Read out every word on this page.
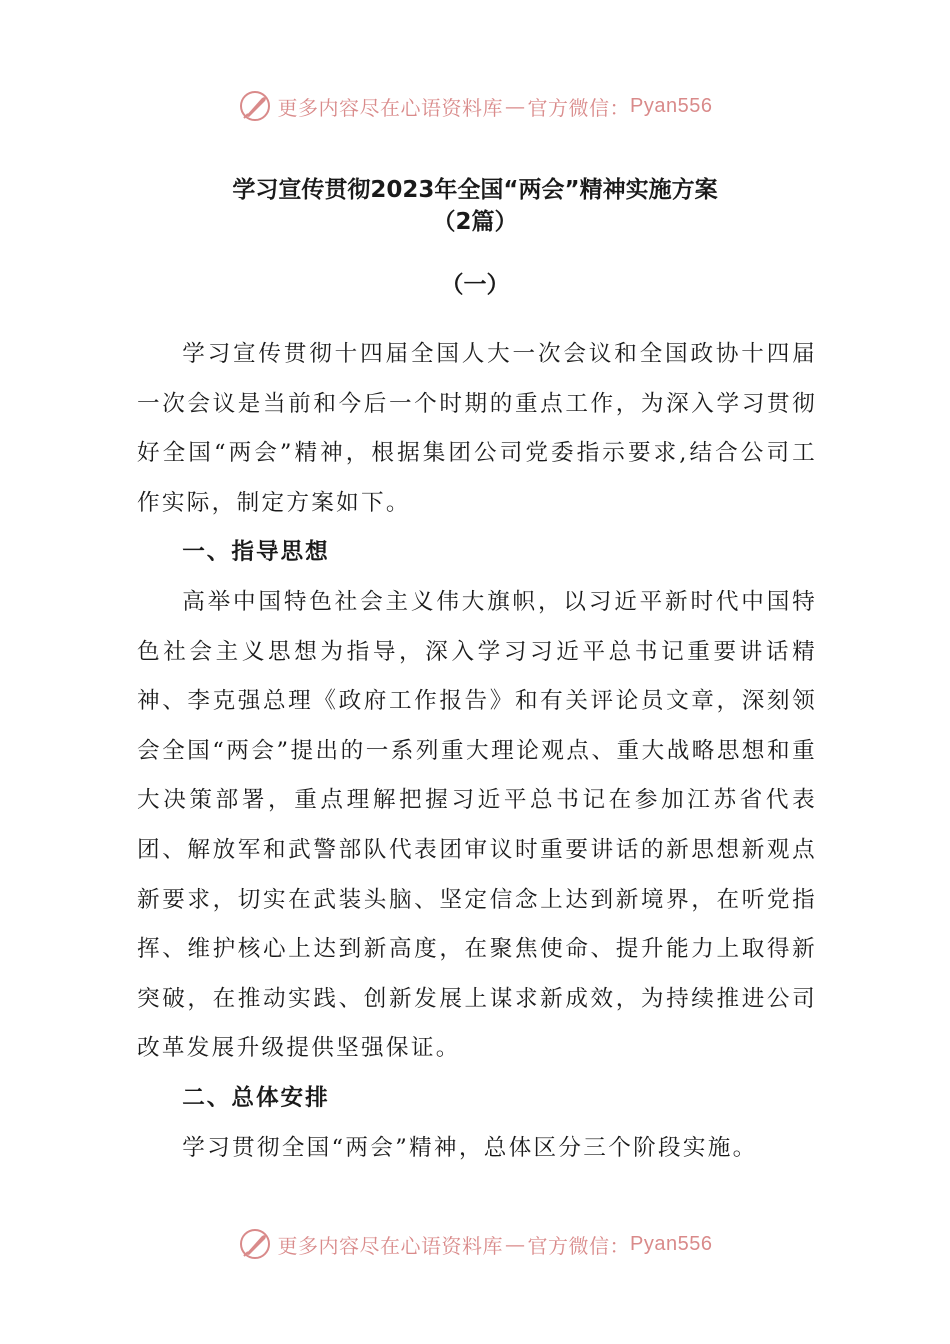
更多内容尽在心语资料库 — 官方微信： Pyan556
学习宣传贯彻2023年全国“两会”精神实施方案
（2篇）
（一）

学习宣传贯彻十四届全国人大一次会议和全国政协十四届一次会议是当前和今后一个时期的重点工作，为深入学习贯彻好全国“两会”精神，根据集团公司党委指示要求,结合公司工作实际，制定方案如下。

一、指导思想

高举中国特色社会主义伟大旗帜，以习近平新时代中国特色社会主义思想为指导，深入学习习近平总书记重要讲话精神、李克强总理《政府工作报告》和有关评论员文章，深刻领会全国“两会”提出的一系列重大理论观点、重大战略思想和重大决策部署，重点理解把握习近平总书记在参加江苏省代表团、解放军和武警部队代表团审议时重要讲话的新思想新观点新要求，切实在武装头脑、坚定信念上达到新境界，在听党指挥、维护核心上达到新高度，在聚焦使命、提升能力上取得新突破，在推动实践、创新发展上谋求新成效，为持续推进公司改革发展升级提供坚强保证。

二、总体安排

学习贯彻全国“两会”精神，总体区分三个阶段实施。

更多内容尽在心语资料库 — 官方微信： Pyan556
